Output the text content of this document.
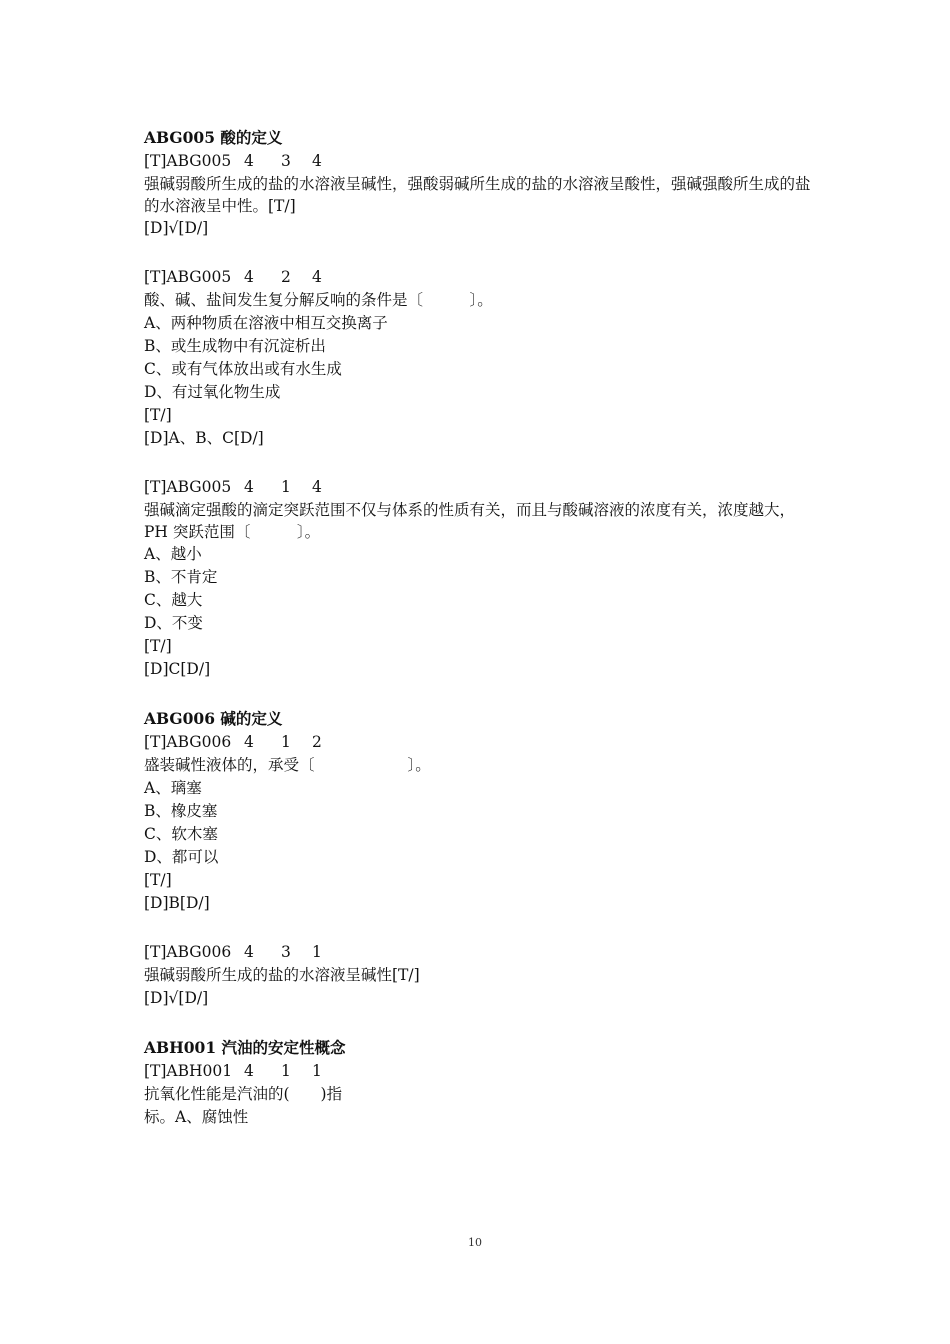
ABG005 酸的定义
[T]ABG005 4 3 4

强碱弱酸所生成的盐的水溶液呈碱性，强酸弱碱所生成的盐的水溶液呈酸性，强碱强酸所生成的盐的水溶液呈中性。[T/]

[D]√[D/]
[T]ABG005 4 2 4
酸、碱、盐间发生复分解反响的条件是〔　　　〕。
A、两种物质在溶液中相互交换离子
B、或生成物中有沉淀析出
C、或有气体放出或有水生成
D、有过氧化物生成
[T/]
[D]A、B、C[D/]
[T]ABG005 4 1 4

强碱滴定强酸的滴定突跃范围不仅与体系的性质有关，而且与酸碱溶液的浓度有关，浓度越大，PH 突跃范围〔　　　〕。

A、越小
B、不肯定
C、越大
D、不变
[T/]
[D]C[D/]
ABG006 碱的定义
[T]ABG006 4 1 2
盛装碱性液体的，承受〔　　　　　　〕。
A、璃塞
B、橡皮塞
C、软木塞
D、都可以
[T/]
[D]B[D/]
[T]ABG006 4 3 1
强碱弱酸所生成的盐的水溶液呈碱性[T/]
[D]√[D/]
ABH001 汽油的安定性概念
[T]ABH001 4 1 1
抗氧化性能是汽油的(　　)指
标。A、腐蚀性
10
